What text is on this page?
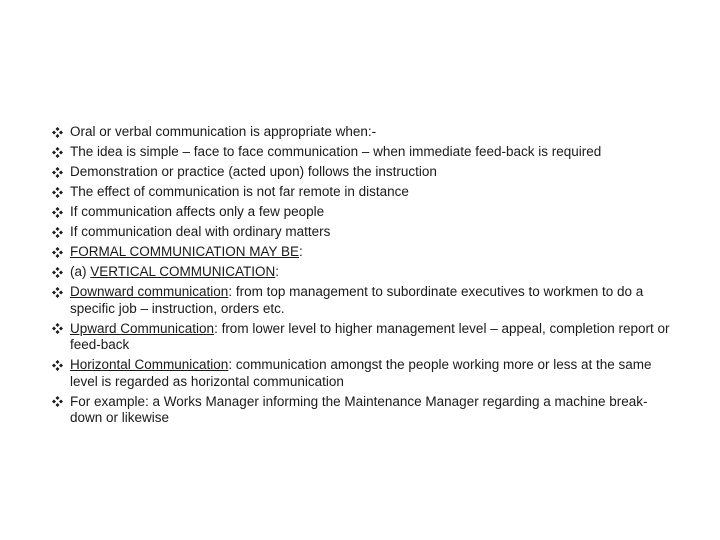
Oral or verbal communication is appropriate when:-
The idea is simple – face to face communication – when immediate feed-back is required
Demonstration or practice (acted upon) follows the instruction
The effect of communication is not far remote in distance
If communication affects only a few people
If communication deal with ordinary matters
FORMAL COMMUNICATION MAY BE:
(a) VERTICAL COMMUNICATION:
Downward communication: from top management to subordinate executives to workmen to do a specific job – instruction, orders etc.
Upward Communication: from lower level to higher management level – appeal, completion report or feed-back
Horizontal Communication: communication amongst the people working more or less at the same level is regarded as horizontal communication
For example: a Works Manager informing the Maintenance Manager regarding a machine break-down or likewise
